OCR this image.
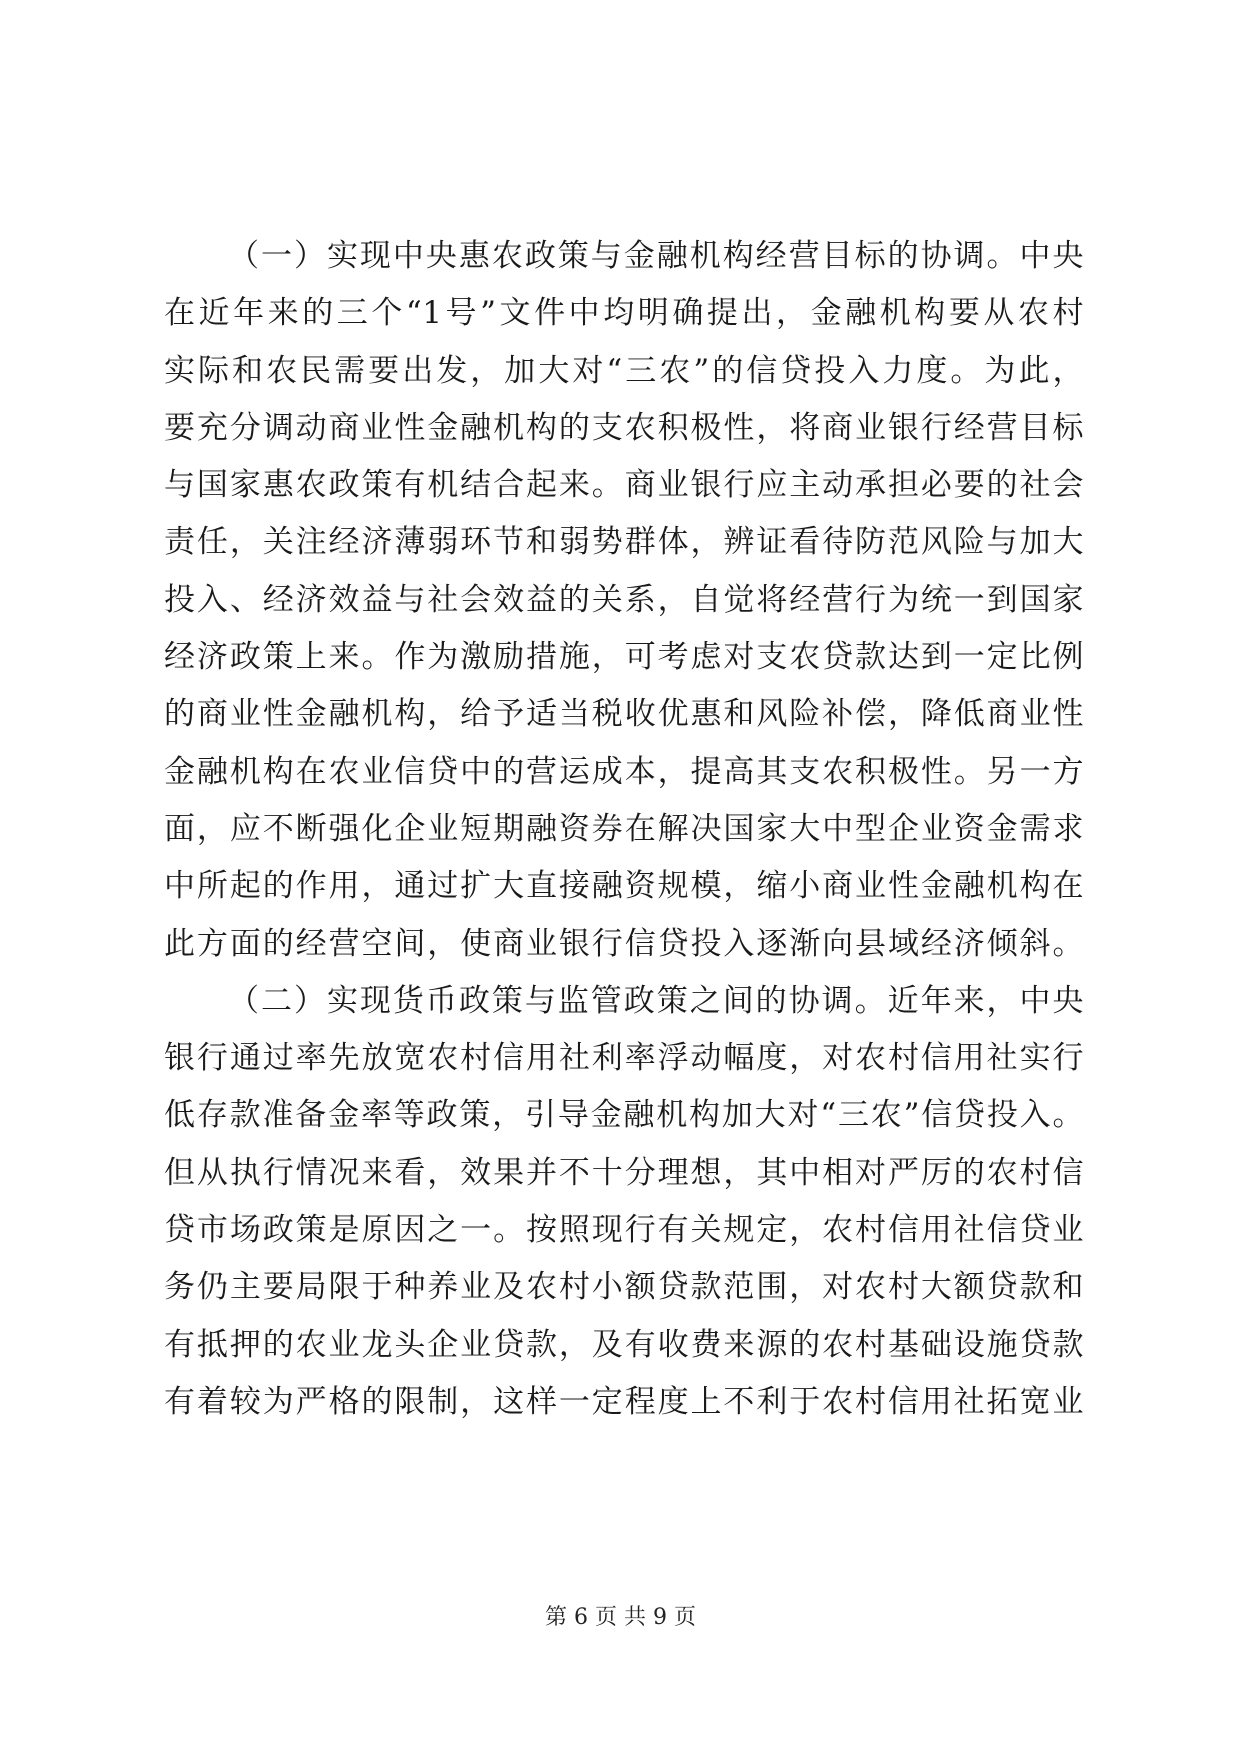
（一）实现中央惠农政策与金融机构经营目标的协调。中央
在近年来的三个“1号”文件中均明确提出，金融机构要从农村
实际和农民需要出发，加大对“三农”的信贷投入力度。为此，
要充分调动商业性金融机构的支农积极性，将商业银行经营目标
与国家惠农政策有机结合起来。商业银行应主动承担必要的社会
责任，关注经济薄弱环节和弱势群体，辨证看待防范风险与加大
投入、经济效益与社会效益的关系，自觉将经营行为统一到国家
经济政策上来。作为激励措施，可考虑对支农贷款达到一定比例
的商业性金融机构，给予适当税收优惠和风险补偿，降低商业性
金融机构在农业信贷中的营运成本，提高其支农积极性。另一方
面，应不断强化企业短期融资券在解决国家大中型企业资金需求
中所起的作用，通过扩大直接融资规模，缩小商业性金融机构在
此方面的经营空间，使商业银行信贷投入逐渐向县域经济倾斜。
（二）实现货币政策与监管政策之间的协调。近年来，中央
银行通过率先放宽农村信用社利率浮动幅度，对农村信用社实行
低存款准备金率等政策，引导金融机构加大对“三农”信贷投入。
但从执行情况来看，效果并不十分理想，其中相对严厉的农村信
贷市场政策是原因之一。按照现行有关规定，农村信用社信贷业
务仍主要局限于种养业及农村小额贷款范围，对农村大额贷款和
有抵押的农业龙头企业贷款，及有收费来源的农村基础设施贷款
有着较为严格的限制，这样一定程度上不利于农村信用社拓宽业
第 6 页 共 9 页
